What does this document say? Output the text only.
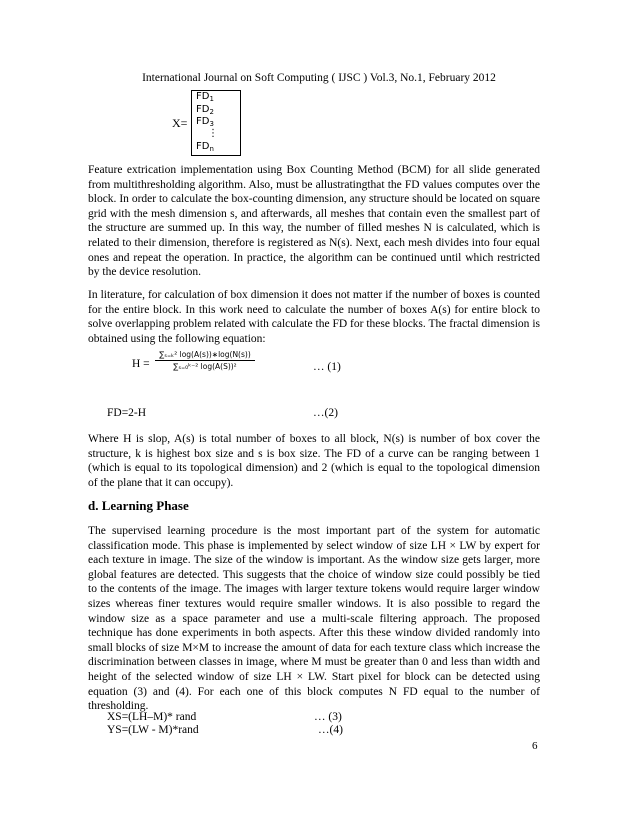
International Journal on Soft Computing ( IJSC ) Vol.3, No.1, February 2012
X=
$FD_1$
$FD_2$
$FD_3$
⋮
$FD_n$
Feature extrication implementation using Box Counting Method (BCM) for all slide generated from multithresholding algorithm. Also, must be allustratingthat the FD values computes over the block. In order to calculate the box-counting dimension, any structure should be located on square grid with the mesh dimension s, and afterwards, all meshes that contain even the smallest part of the structure are summed up. In this way, the number of filled meshes N is calculated, which is related to their dimension, therefore is registered as N(s). Next, each mesh divides into four equal ones and repeat the operation. In practice, the algorithm can be continued until which restricted by the device resolution.
In literature, for calculation of box dimension it does not matter if the number of boxes is counted for the entire block. In this work need to calculate the number of boxes A(s) for entire block to solve overlapping problem related with calculate the FD for these blocks. The fractal dimension is obtained using the following equation:
$H = \frac{\text{∑ₛ₌ₖ² log(A(s))∗log(N(s))}}{\text{∑ₛ₌₀ᵏ⁻² log(A(S))²}}$	… (1)
FD=2-H	…(2)
Where H is slop, A(s) is total number of boxes to all block, N(s) is number of box cover the structure, k is highest box size and s is box size. The FD of a curve can be ranging between 1 (which is equal to its topological dimension) and 2 (which is equal to the topological dimension of the plane that it can occupy).
d. Learning Phase
The supervised learning procedure is the most important part of the system for automatic classification mode. This phase is implemented by select window of size LH × LW by expert for each texture in image. The size of the window is important. As the window size gets larger, more global features are detected. This suggests that the choice of window size could possibly be tied to the contents of the image. The images with larger texture tokens would require larger window sizes whereas finer textures would require smaller windows. It is also possible to regard the window size as a space parameter and use a multi-scale filtering approach. The proposed technique has done experiments in both aspects. After this these window divided randomly into small blocks of size M×M to increase the amount of data for each texture class which increase the discrimination between classes in image, where M must be greater than 0 and less than width and height of the selected window of size LH × LW. Start pixel for block can be detected using equation (3) and (4). For each one of this block computes N FD equal to the number of thresholding.
XS=(LH–M)* rand	… (3)
YS=(LW - M)*rand	…(4)
6
